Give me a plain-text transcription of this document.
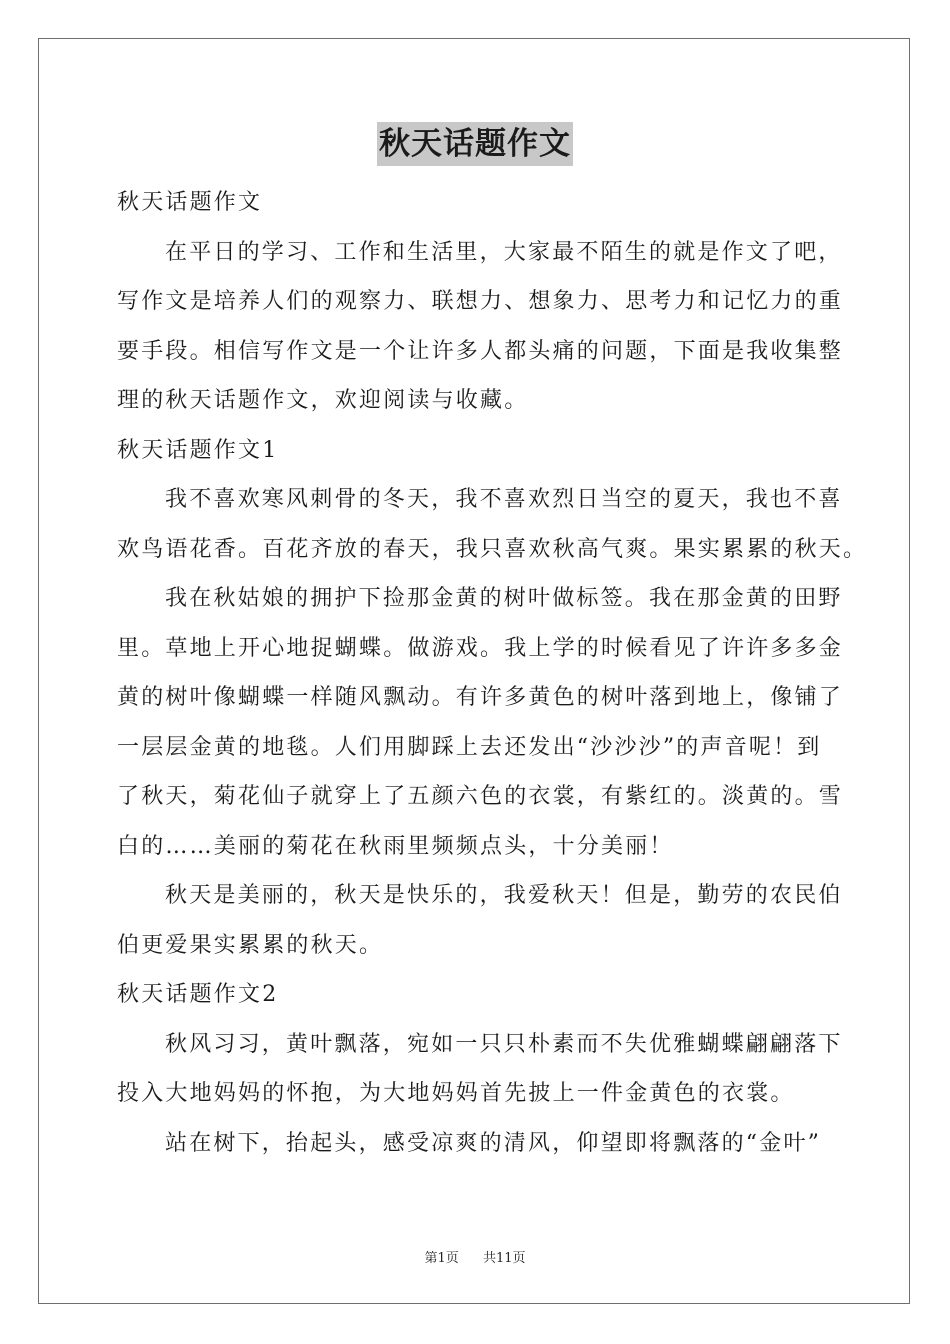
秋天话题作文

秋天话题作文

在平日的学习、工作和生活里，大家最不陌生的就是作文了吧，

写作文是培养人们的观察力、联想力、想象力、思考力和记忆力的重

要手段。相信写作文是一个让许多人都头痛的问题，下面是我收集整

理的秋天话题作文，欢迎阅读与收藏。

秋天话题作文1

我不喜欢寒风刺骨的冬天，我不喜欢烈日当空的夏天，我也不喜

欢鸟语花香。百花齐放的春天，我只喜欢秋高气爽。果实累累的秋天。

我在秋姑娘的拥护下捡那金黄的树叶做标签。我在那金黄的田野

里。草地上开心地捉蝴蝶。做游戏。我上学的时候看见了许许多多金

黄的树叶像蝴蝶一样随风飘动。有许多黄色的树叶落到地上，像铺了

一层层金黄的地毯。人们用脚踩上去还发出“沙沙沙”的声音呢！到

了秋天，菊花仙子就穿上了五颜六色的衣裳，有紫红的。淡黄的。雪

白的……美丽的菊花在秋雨里频频点头，十分美丽！

秋天是美丽的，秋天是快乐的，我爱秋天！但是，勤劳的农民伯

伯更爱果实累累的秋天。

秋天话题作文2

秋风习习，黄叶飘落，宛如一只只朴素而不失优雅蝴蝶翩翩落下

投入大地妈妈的怀抱，为大地妈妈首先披上一件金黄色的衣裳。

站在树下，抬起头，感受凉爽的清风，仰望即将飘落的“金叶”

第1页 共11页
